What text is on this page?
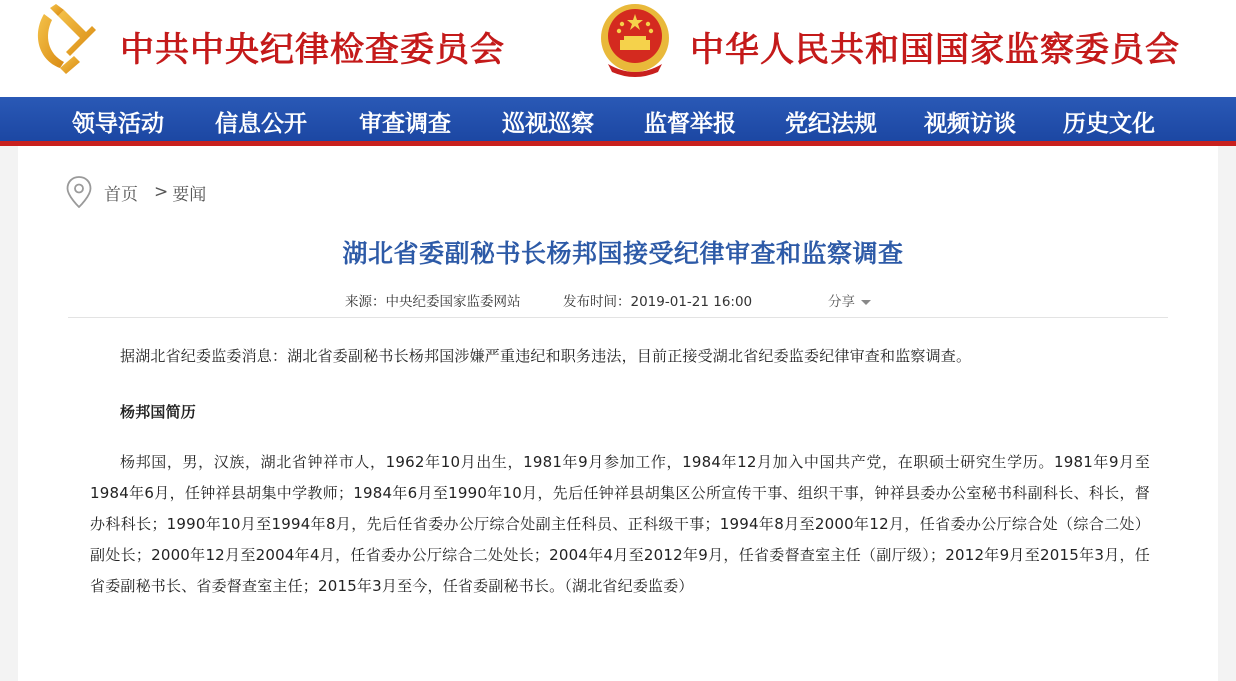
中共中央纪律检查委员会	中华人民共和国国家监察委员会
领导活动 信息公开 审查调查 巡视巡察 监督举报 党纪法规 视频访谈 历史文化
首页 > 要闻
湖北省委副秘书长杨邦国接受纪律审查和监察调查
来源：中央纪委国家监委网站	发布时间：2019-01-21 16:00	分享
据湖北省纪委监委消息：湖北省委副秘书长杨邦国涉嫌严重违纪和职务违法，目前正接受湖北省纪委监委纪律审查和监察调查。
杨邦国简历
杨邦国，男，汉族，湖北省钟祥市人，1962年10月出生，1981年9月参加工作，1984年12月加入中国共产党，在职硕士研究生学历。1981年9月至1984年6月，任钟祥县胡集中学教师；1984年6月至1990年10月，先后任钟祥县胡集区公所宣传干事、组织干事，钟祥县委办公室秘书科副科长、科长，督办科科长；1990年10月至1994年8月，先后任省委办公厅综合处副主任科员、正科级干事；1994年8月至2000年12月，任省委办公厅综合处（综合二处）副处长；2000年12月至2004年4月，任省委办公厅综合二处处长；2004年4月至2012年9月，任省委督查室主任（副厅级）；2012年9月至2015年3月，任省委副秘书长、省委督查室主任；2015年3月至今，任省委副秘书长。（湖北省纪委监委）
